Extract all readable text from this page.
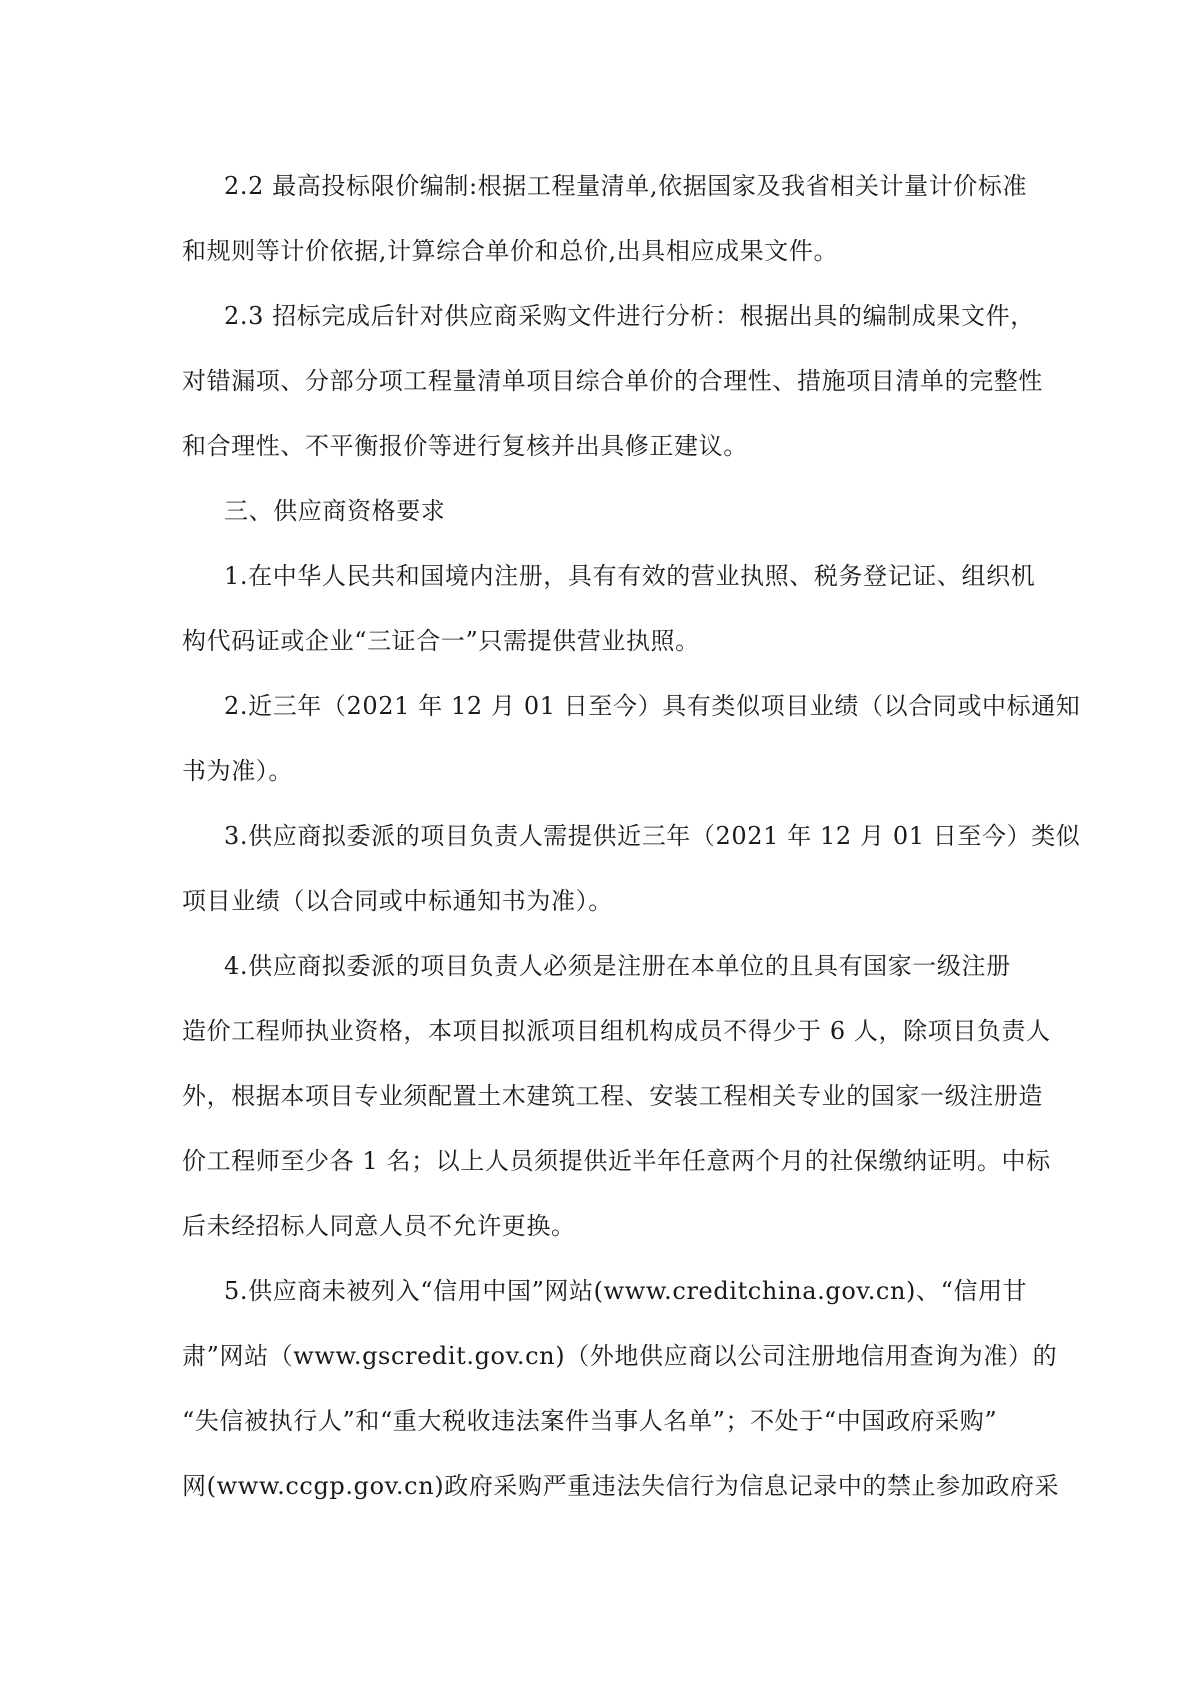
2.2 最高投标限价编制:根据工程量清单,依据国家及我省相关计量计价标准
和规则等计价依据,计算综合单价和总价,出具相应成果文件。
2.3 招标完成后针对供应商采购文件进行分析：根据出具的编制成果文件，
对错漏项、分部分项工程量清单项目综合单价的合理性、措施项目清单的完整性
和合理性、不平衡报价等进行复核并出具修正建议。
三、供应商资格要求
1.在中华人民共和国境内注册，具有有效的营业执照、税务登记证、组织机
构代码证或企业“三证合一”只需提供营业执照。
2.近三年（2021 年 12 月 01 日至今）具有类似项目业绩（以合同或中标通知
书为准）。
3.供应商拟委派的项目负责人需提供近三年（2021 年 12 月 01 日至今）类似
项目业绩（以合同或中标通知书为准）。
4.供应商拟委派的项目负责人必须是注册在本单位的且具有国家一级注册
造价工程师执业资格，本项目拟派项目组机构成员不得少于 6 人，除项目负责人
外，根据本项目专业须配置土木建筑工程、安装工程相关专业的国家一级注册造
价工程师至少各 1 名；以上人员须提供近半年任意两个月的社保缴纳证明。中标
后未经招标人同意人员不允许更换。
5.供应商未被列入“信用中国”网站(www.creditchina.gov.cn)、“信用甘
肃”网站（www.gscredit.gov.cn)（外地供应商以公司注册地信用查询为准）的
“失信被执行人”和“重大税收违法案件当事人名单”；不处于“中国政府采购”
网(www.ccgp.gov.cn)政府采购严重违法失信行为信息记录中的禁止参加政府采
